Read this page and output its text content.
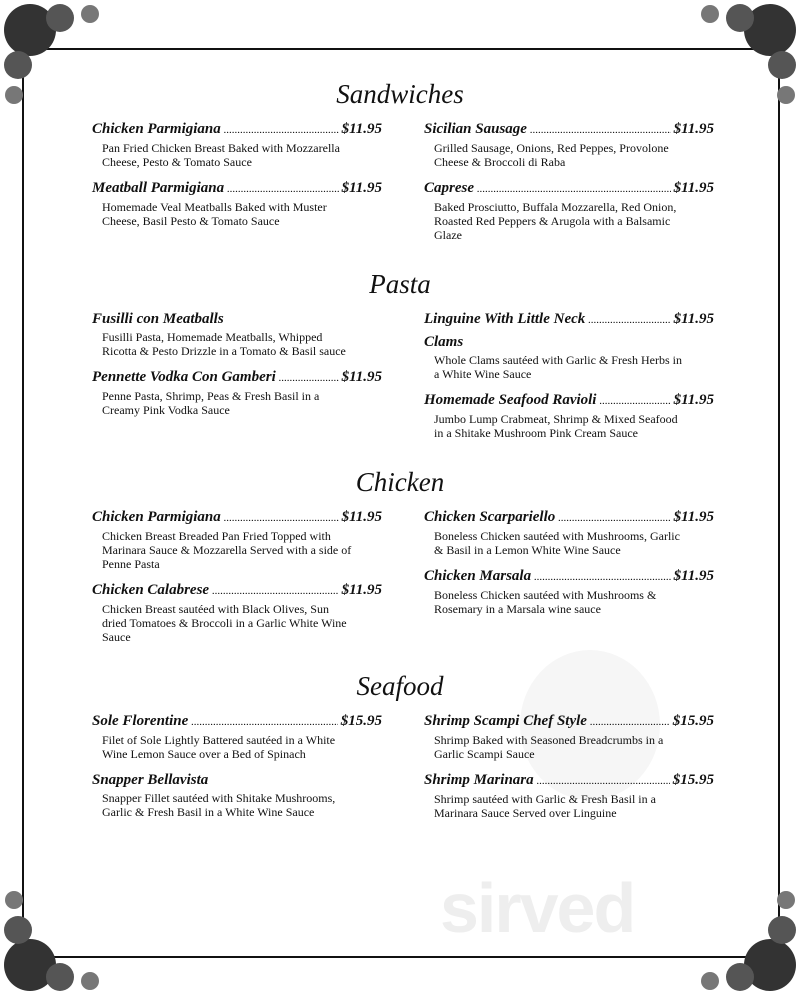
sirved
Sandwiches
Chicken Parmigiana .....	$11.95
Pan Fried Chicken Breast Baked with Mozzarella Cheese, Pesto & Tomato Sauce
Meatball Parmigiana .....	$11.95
Homemade Veal Meatballs Baked with Muster Cheese, Basil Pesto & Tomato Sauce
Sicilian Sausage .....	$11.95
Grilled Sausage, Onions, Red Peppes, Provolone Cheese & Broccoli di Raba
Caprese .....	$11.95
Baked Prosciutto, Buffala Mozzarella, Red Onion, Roasted Red Peppers & Arugola with a Balsamic Glaze
Pasta
Fusilli con Meatballs
Fusilli Pasta, Homemade Meatballs, Whipped Ricotta & Pesto Drizzle in a Tomato & Basil sauce
Pennette Vodka Con Gamberi .....	$11.95
Penne Pasta, Shrimp, Peas & Fresh Basil in a Creamy Pink Vodka Sauce
Linguine With Little Neck .....	$11.95
Clams
Whole Clams sautéed with Garlic & Fresh Herbs in a White Wine Sauce
Homemade Seafood Ravioli .....	$11.95
Jumbo Lump Crabmeat, Shrimp & Mixed Seafood in a Shitake Mushroom Pink Cream Sauce
Chicken
Chicken Parmigiana .....	$11.95
Chicken Breast Breaded Pan Fried Topped with Marinara Sauce & Mozzarella Served with a side of Penne Pasta
Chicken Calabrese .....	$11.95
Chicken Breast sautéed with Black Olives, Sun dried Tomatoes & Broccoli in a Garlic White Wine Sauce
Chicken Scarpariello .....	$11.95
Boneless Chicken sautéed with Mushrooms, Garlic & Basil in a Lemon White Wine Sauce
Chicken Marsala .....	$11.95
Boneless Chicken sautéed with Mushrooms & Rosemary in a Marsala wine sauce
Seafood
Sole Florentine .....	$15.95
Filet of Sole Lightly Battered sautéed in a White Wine Lemon Sauce over a Bed of Spinach
Snapper Bellavista
Snapper Fillet sautéed with Shitake Mushrooms, Garlic & Fresh Basil in a White Wine Sauce
Shrimp Scampi Chef Style .....	$15.95
Shrimp Baked with Seasoned Breadcrumbs in a Garlic Scampi Sauce
Shrimp Marinara .....	$15.95
Shrimp sautéed with Garlic & Fresh Basil in a Marinara Sauce Served over Linguine
